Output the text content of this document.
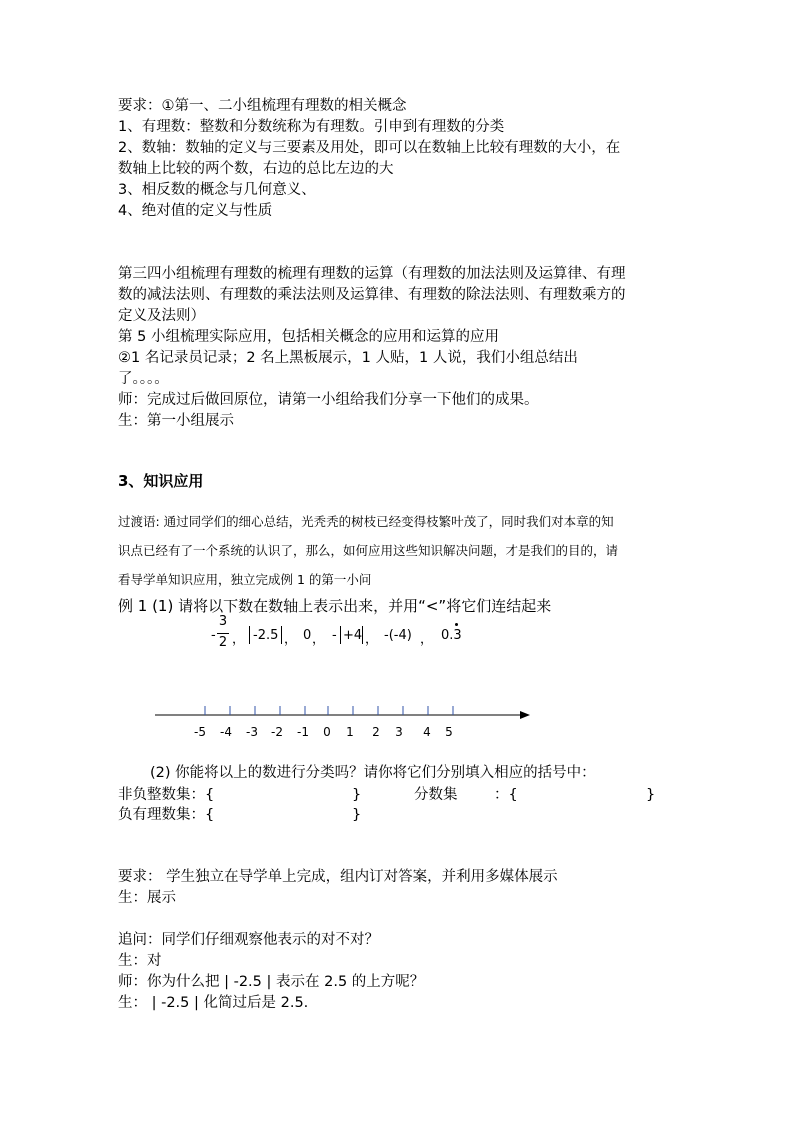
要求：①第一、二小组梳理有理数的相关概念
1、有理数：整数和分数统称为有理数。引申到有理数的分类
2、数轴：数轴的定义与三要素及用处，即可以在数轴上比较有理数的大小，在
数轴上比较的两个数，右边的总比左边的大
3、相反数的概念与几何意义、
4、绝对值的定义与性质
第三四小组梳理有理数的梳理有理数的运算（有理数的加法法则及运算律、有理
数的减法法则、有理数的乘法法则及运算律、有理数的除法法则、有理数乘方的
定义及法则）
第 5 小组梳理实际应用，包括相关概念的应用和运算的应用
②1 名记录员记录；2 名上黑板展示，1 人贴，1 人说，我们小组总结出
了。。。。
师：完成过后做回原位，请第一小组给我们分享一下他们的成果。
生：第一小组展示
3、知识应用
过渡语: 通过同学们的细心总结，光秃秃的树枝已经变得枝繁叶茂了，同时我们对本章的知
识点已经有了一个系统的认识了，那么，如何应用这些知识解决问题，才是我们的目的，请
看导学单知识应用，独立完成例 1 的第一小问
例 1 (1) 请将以下数在数轴上表示出来，并用“<”将它们连结起来
-
3
2 ， -2.5 ， 0 ， - +4 ， -(-4) ， 0.3
-5 -4 -3 -2 -1 0 1 2 3 4 5
(2) 你能将以上的数进行分类吗？请你将它们分别填入相应的括号中：
非负整数集：{	}	分数集	：{	}
负有理数集：{	}
要求： 学生独立在导学单上完成，组内订对答案，并利用多媒体展示
生：展示
追问：同学们仔细观察他表示的对不对？
生：对
师：你为什么把 | -2.5 | 表示在 2.5 的上方呢？
生： | -2.5 | 化简过后是 2.5.
